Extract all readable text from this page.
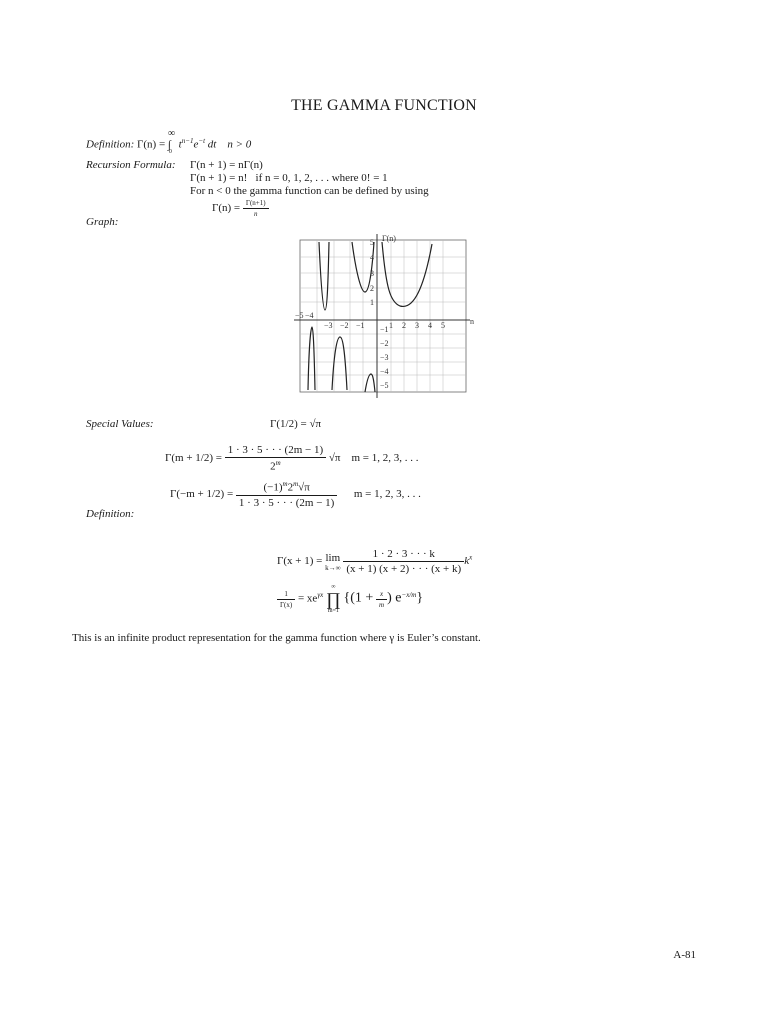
THE GAMMA FUNCTION
Definition: Γ(n) = ∫
∞
0
$t^{n-1}e^{-t}$ dt n > 0
Recursion Formula: Γ(n + 1) = nΓ(n)
Γ(n + 1) = n! if n = 0, 1, 2, . . . where 0! = 1
For n < 0 the gamma function can be defined by using
$\Gamma(n) = \frac{\Gamma(n+1)}{n}$
Graph:
Γ(n)
n
5
4
3
2
1
−1
−2
−3
−4
−5
1 2 3 4 5
−3 −2 −1
−5 −4
Special Values:	Γ(1/2) = √π
$\Gamma(m + 1/2) = \frac{1 \cdot 3 \cdot 5 \cdot \cdot \cdot (2m - 1)}{2^m} √\pi$ m = 1, 2, 3, . . .
$\Gamma(-m + 1/2) = \frac{(-1)^m2^m√\pi}{1 \cdot 3 \cdot 5 \cdot \cdot \cdot (2m - 1)}$ m = 1, 2, 3, . . .
Definition:
Γ(x + 1) = lim
k→∞
$\frac{1 \cdot 2 \cdot 3 \cdot \cdot \cdot k}{(x + 1) (x + 2) \cdot \cdot \cdot (x + k)} k^x$
$\frac{1}{\Gamma(x)} = xe^{\gamma x}$
∞
∏
m=1
{($1 + \frac{x}{m}$ ) $e^{-x/m}$}
This is an infinite product representation for the gamma function where γ is Euler’s constant.
A-81
